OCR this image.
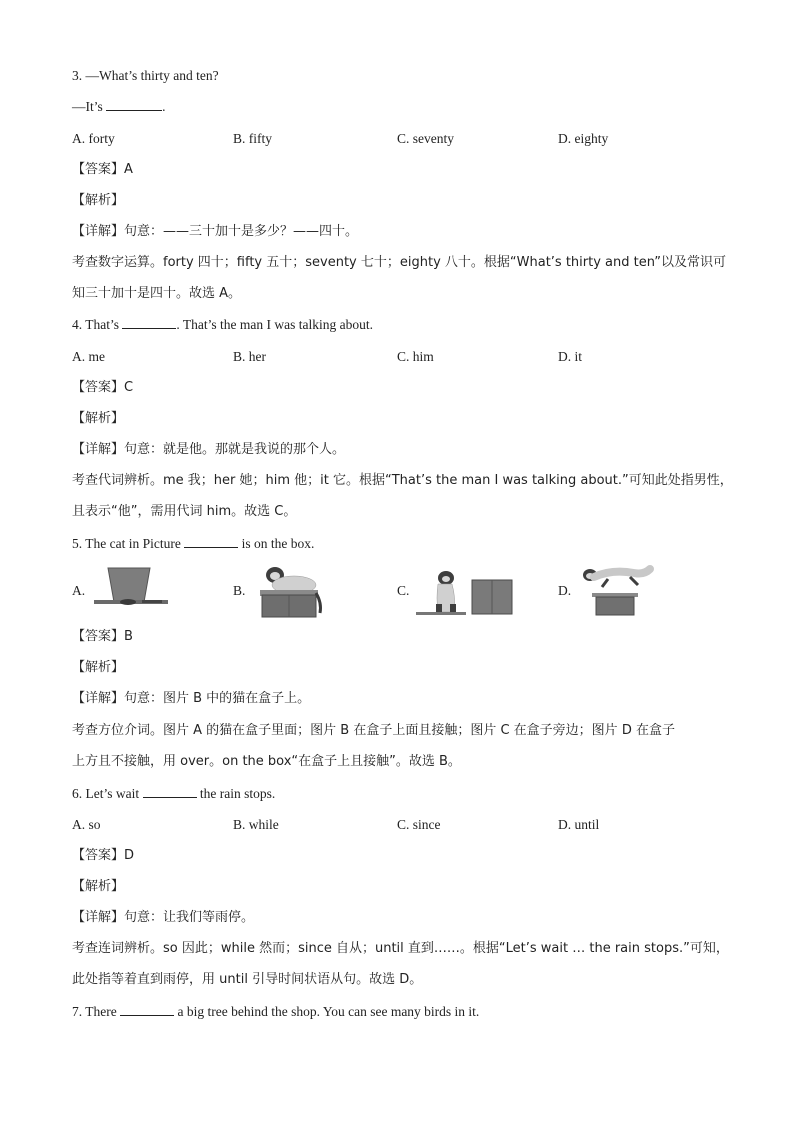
3. —What’s thirty and ten?
—It’s	.
A. forty	B. fifty	C. seventy	D. eighty
【答案】A
【解析】
【详解】句意：——三十加十是多少？——四十。
考查数字运算。forty 四十；fifty 五十；seventy 七十；eighty 八十。根据“What’s thirty and ten”以及常识可
知三十加十是四十。故选 A。
4. That’s	. That’s the man I was talking about.
A. me	B. her	C. him	D. it
【答案】C
【解析】
【详解】句意：就是他。那就是我说的那个人。
考查代词辨析。me 我；her 她；him 他；it 它。根据“That’s the man I was talking about.”可知此处指男性，
且表示“他”，需用代词 him。故选 C。
5. The cat in Picture	is on the box.
A.	B.	C.	D.
【答案】B
【解析】
【详解】句意：图片 B 中的猫在盒子上。
考查方位介词。图片 A 的猫在盒子里面；图片 B 在盒子上面且接触；图片 C 在盒子旁边；图片 D 在盒子
上方且不接触，用 over。on the box“在盒子上且接触”。故选 B。
6. Let’s wait	the rain stops.
A. so	B. while	C. since	D. until
【答案】D
【解析】
【详解】句意：让我们等雨停。
考查连词辨析。so 因此；while 然而；since 自从；until 直到……。根据“Let’s wait … the rain stops.”可知，
此处指等着直到雨停，用 until 引导时间状语从句。故选 D。
7. There	a big tree behind the shop. You can see many birds in it.
